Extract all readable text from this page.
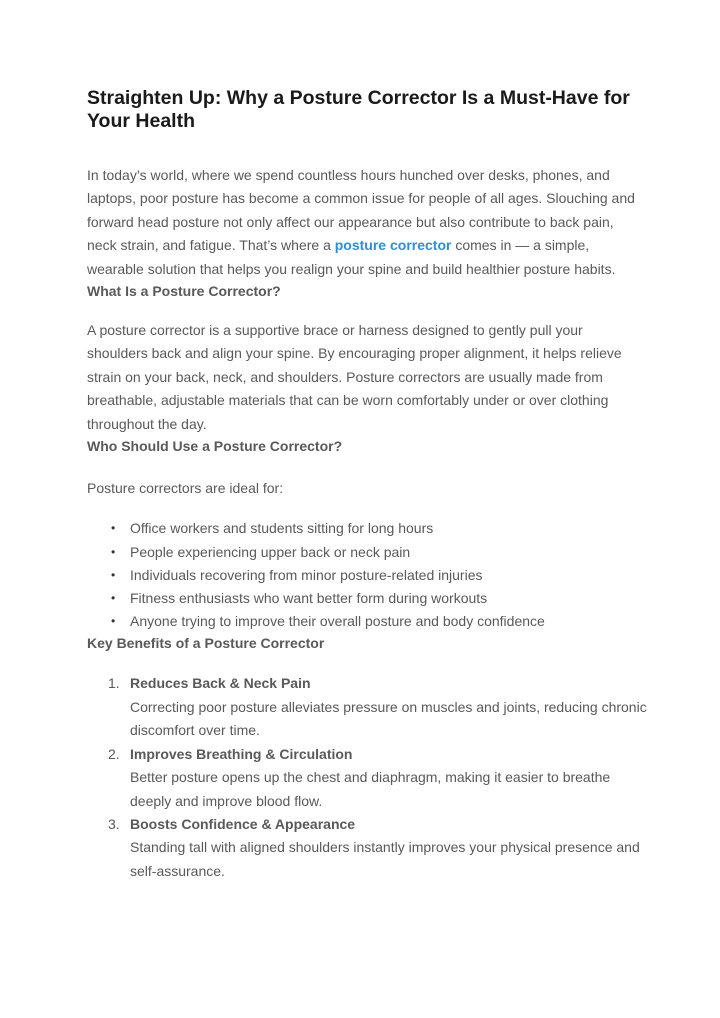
Straighten Up: Why a Posture Corrector Is a Must-Have for Your Health

In today’s world, where we spend countless hours hunched over desks, phones, and laptops, poor posture has become a common issue for people of all ages. Slouching and forward head posture not only affect our appearance but also contribute to back pain, neck strain, and fatigue. That’s where a posture corrector comes in — a simple, wearable solution that helps you realign your spine and build healthier posture habits.

What Is a Posture Corrector?

A posture corrector is a supportive brace or harness designed to gently pull your shoulders back and align your spine. By encouraging proper alignment, it helps relieve strain on your back, neck, and shoulders. Posture correctors are usually made from breathable, adjustable materials that can be worn comfortably under or over clothing throughout the day.

Who Should Use a Posture Corrector?

Posture correctors are ideal for:

• Office workers and students sitting for long hours
• People experiencing upper back or neck pain
• Individuals recovering from minor posture-related injuries
• Fitness enthusiasts who want better form during workouts
• Anyone trying to improve their overall posture and body confidence
Key Benefits of a Posture Corrector
1. Reduces Back & Neck Pain
Correcting poor posture alleviates pressure on muscles and joints, reducing chronic discomfort over time.
2. Improves Breathing & Circulation
Better posture opens up the chest and diaphragm, making it easier to breathe deeply and improve blood flow.
3. Boosts Confidence & Appearance
Standing tall with aligned shoulders instantly improves your physical presence and self-assurance.
